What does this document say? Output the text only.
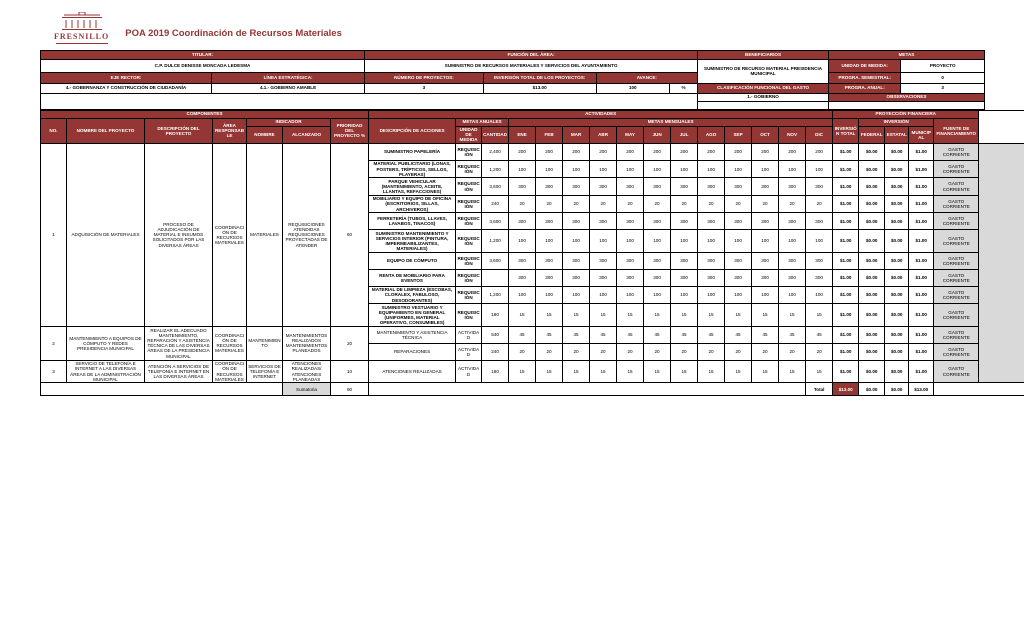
FRESNILLO POA 2019 Coordinación de Recursos Materiales
TITULAR:		FUNCIÓN DEL ÁREA:				BENEFICIARIOS	METAS	
C.P. DULCE DENISSE MONCADA LEDESMA		SUMINISTRO DE RECURSOS MATERIALES Y SERVICIOS DEL AYUNTAMIENTO				SUMINISTRO DE RECURSO MATERIAL PRESIDENCIA MUNICIPAL	UNIDAD DE MEDIDA:	PROYECTO
EJE RECTOR:	LÍNEA ESTRATÉGICA:	NÚMERO DE PROYECTOS:	INVERSIÓN TOTAL DE LOS PROYECTOS:	AVANCE:			PROGRA. SEMESTRAL:	0
4.- GOBERNANZA Y CONSTRUCCIÓN DE CIUDADANÍA	4.1.- GOBIERNO AMABLE	3	$13.00	100	%	CLASIFICACIÓN FUNCIONAL DEL GASTO	PROGRA. ANUAL:	3
						1.- GOBIERNO	OBSERVACIONES	

COMPONENTES							ACTIVIDADES															PROYECCIÓN FINANCIERA					
NO.	NOMBRE DEL PROYECTO	DESCRIPCIÓN DEL PROYECTO	ÁREA RESPONSABLE	INDICADOR		PRIORIDAD DEL PROYECTO %	DESCRIPCIÓN DE ACCIONES	METAS ANUALES		METAS MENSUALES												INVERSIÓN TOTAL	INVERSIÓN			FUENTE DE FINANCIAMIENTO	
				NOMBRE	ALCANZADO			UNIDAD DE MEDIDA	CANTIDAD	ENE	FEB	MAR	ABR	MAY	JUN	JUL	AGO	SEP	OCT	NOV	DIC		FEDERAL	ESTATAL	MUNICIPAL		
1	ADQUISICIÓN DE MATERIALES	PROCESO DE ADJUDICACIÓN DE MATERIAL E INSUMOS SOLICITADOS POR LAS DIVERSAS ÁREAS	COORDINACIÓN DE RECURSOS MATERIALES	MATERIALES	REQUISICIONES ATENDIDAS REQUISICIONES PROYECTADAS DE ATENDER	60	SUMINISTRO PAPELERÍA	REQUISICIÓN	2,400	200	200	200	200	200	200	200	200	200	200	200	200	$1.00	$0.00	$0.00	$1.00	GASTO CORRIENTE	
							MATERIAL PUBLICITARIO (LONAS, POSTERS, TRÍPTICOS, SELLOS, PLAYERAS)	REQUISICIÓN	1,200	100	100	100	100	100	100	100	100	100	100	100	100	$1.00	$0.00	$0.00	$1.00	GASTO CORRIENTE	
							PARQUE VEHICULAR (MANTENIMIENTO, ACEITE, LLANTAS, REFACCIONES)	REQUISICIÓN	3,600	300	300	300	300	300	300	300	300	300	300	300	300	$1.00	$0.00	$0.00	$1.00	GASTO CORRIENTE	
							MOBILIARIO Y EQUIPO DE OFICINA (ESCRITORIOS, SILLAS, ARCHIVEROS)	REQUISICIÓN	240	20	20	20	20	20	20	20	20	20	20	20	20	$1.00	$0.00	$0.00	$1.00	GASTO CORRIENTE	
							FERRETERÍA (TUBOS, LLAVES, LAVABOS, TINACOS)	REQUISICIÓN	3,600	300	300	300	300	300	300	300	300	300	300	300	300	$1.00	$0.00	$0.00	$1.00	GASTO CORRIENTE	
							SUMINISTRO MANTENIMIENTO Y SERVICIOS INTERIOR (PINTURA, IMPERMEABILIZANTES, MATERIALES)	REQUISICIÓN	1,200	100	100	100	100	100	100	100	100	100	100	100	100	$1.00	$0.00	$0.00	$1.00	GASTO CORRIENTE	
							EQUIPO DE CÓMPUTO	REQUISICIÓN	3,600	300	300	300	300	300	300	300	300	300	300	300	300	$1.00	$0.00	$0.00	$1.00	GASTO CORRIENTE	
							RENTA DE MOBILIARIO PARA EVENTOS	REQUISICIÓN		300	300	300	300	300	300	300	300	300	300	300	300	$1.00	$0.00	$0.00	$1.00	GASTO CORRIENTE	
							MATERIAL DE LIMPIEZA (ESCOBAS, CLORALEX, FABULOSO, DESODORANTES)	REQUISICIÓN	1,200	100	100	100	100	100	100	100	100	100	100	100	100	$1.00	$0.00	$0.00	$1.00	GASTO CORRIENTE	
							SUMINISTRO VESTUARIO Y EQUIPAMIENTO EN GENERAL (UNIFORMES, MATERIAL OPERATIVO, CONSUMIBLES)	REQUISICIÓN	180	15	15	15	15	15	15	15	15	15	15	15	15	$1.00	$0.00	$0.00	$1.00	GASTO CORRIENTE	
2	MANTENIMIENTO A EQUIPOS DE CÓMPUTO Y REDES PRESIDENCIA MUNICIPAL	REALIZAR EL ADECUADO MANTENIMIENTO, REPARACIÓN Y ASISTENCIA TÉCNICA DE LAS DIVERSAS ÁREAS DE LA PRESIDENCIA MUNICIPAL	COORDINACIÓN DE RECURSOS MATERIALES	MANTENIMIENTO	MANTENIMIENTOS REALIZADOS MANTENIMIENTOS PLANEADOS	20	MANTENIMIENTO Y ASISTENCIA TÉCNICA	ACTIVIDAD	540	45	45	45	45	45	45	45	45	45	45	45	45	$1.00	$0.00	$0.00	$1.00	GASTO CORRIENTE	
							REPARACIONES	ACTIVIDAD	240	20	20	20	20	20	20	20	20	20	20	20	20	$1.00	$0.00	$0.00	$1.00	GASTO CORRIENTE	
3	SERVICIO DE TELEFONÍA E INTERNET A LAS DIVERSAS ÁREAS DE LA ADMINISTRACIÓN MUNICIPAL	ATENCIÓN A SERVICIOS DE TELEFONÍA E INTERNET EN LAS DIVERSAS ÁREAS	COORDINACIÓN DE RECURSOS MATERIALES	SERVICIOS DE TELEFONÍA E INTERNET	ATENCIONES REALIZADAS/ ATENCIONES PLANEADAS	10	ATENCIONES REALIZADAS	ACTIVIDAD	180	15	15	15	15	15	15	15	15	15	15	15	15	$1.00	$0.00	$0.00	$1.00	GASTO CORRIENTE	
					Sumatoria	90															Total	$13.00	$0.00	$0.00	$13.00		
